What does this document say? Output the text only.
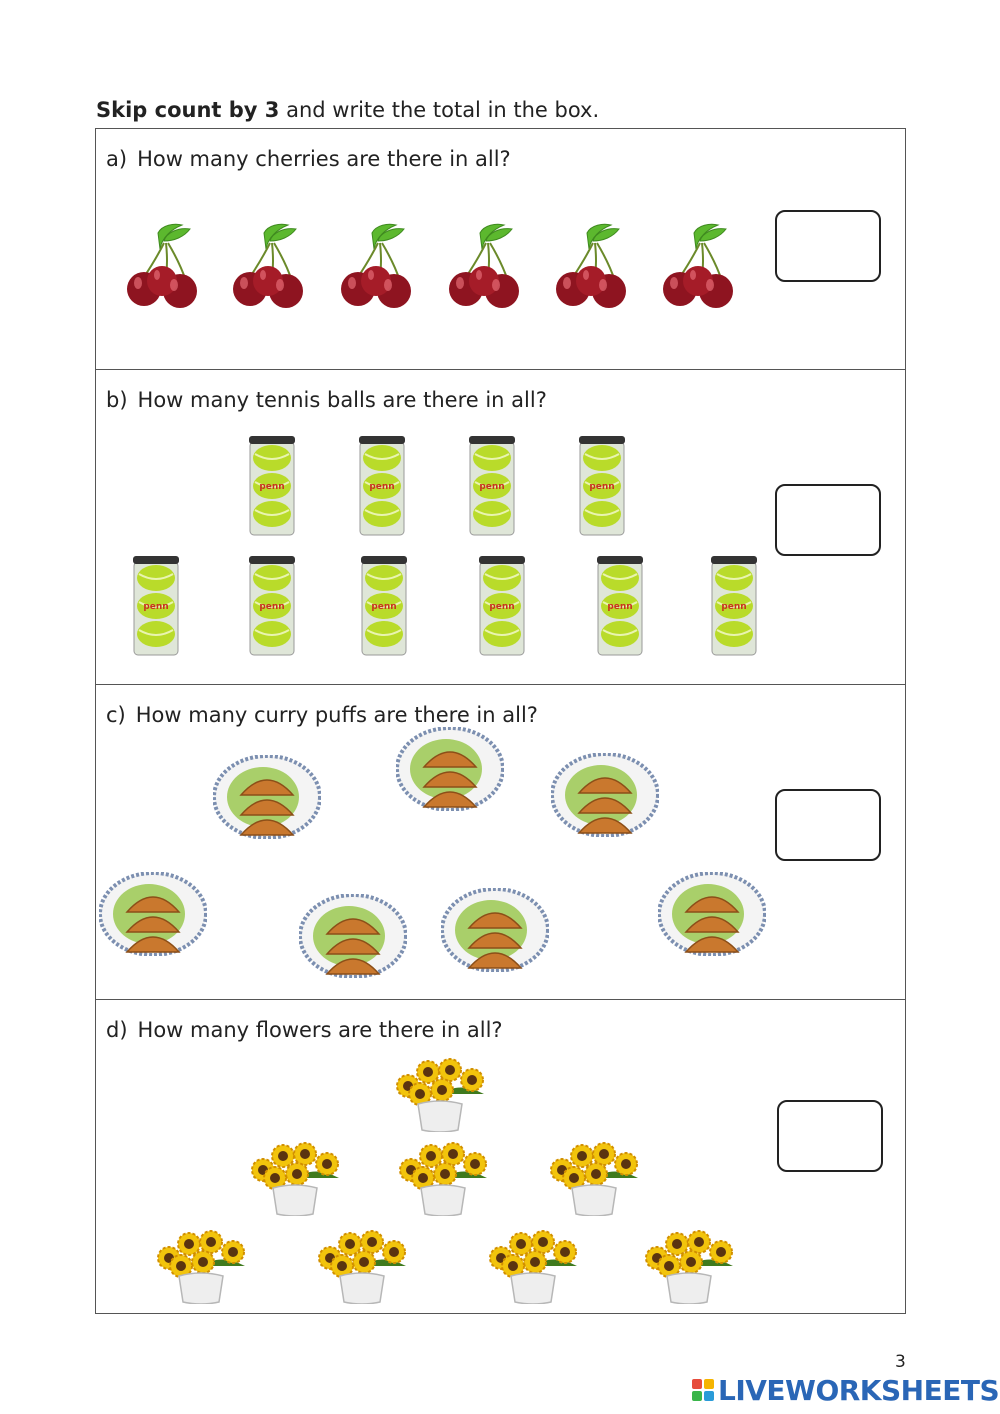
Skip count by 3 and write the total in the box.
a) How many cherries are there in all?
b) How many tennis balls are there in all?
penn	penn	penn	penn
penn	penn	penn	penn	penn	penn
c) How many curry puffs are there in all?
d) How many flowers are there in all?
3
LIVEWORKSHEETS
